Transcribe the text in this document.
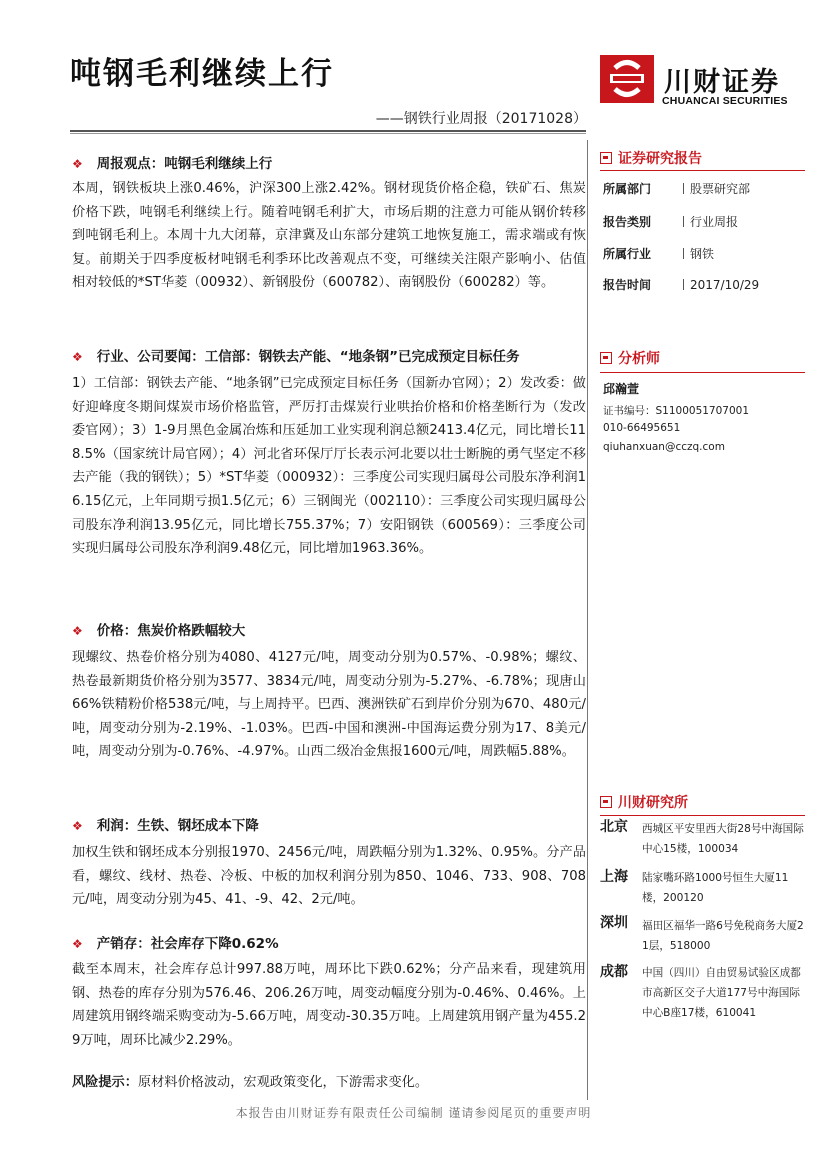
吨钢毛利继续上行
——钢铁行业周报（20171028）
川财证券
CHUANCAI SECURITIES
❖ 周报观点：吨钢毛利继续上行
本周，钢铁板块上涨0.46%，沪深300上涨2.42%。钢材现货价格企稳，铁矿石、焦炭价格下跌，吨钢毛利继续上行。随着吨钢毛利扩大，市场后期的注意力可能从钢价转移到吨钢毛利上。本周十九大闭幕，京津冀及山东部分建筑工地恢复施工，需求端或有恢复。前期关于四季度板材吨钢毛利季环比改善观点不变，可继续关注限产影响小、估值相对较低的*ST华菱（00932）、新钢股份（600782）、南钢股份（600282）等。
❖ 行业、公司要闻：工信部：钢铁去产能、“地条钢”已完成预定目标任务
1）工信部：钢铁去产能、“地条钢”已完成预定目标任务（国新办官网）；2）发改委：做好迎峰度冬期间煤炭市场价格监管，严厉打击煤炭行业哄抬价格和价格垄断行为（发改委官网）；3）1-9月黑色金属冶炼和压延加工业实现利润总额2413.4亿元，同比增长118.5%（国家统计局官网）；4）河北省环保厅厅长表示河北要以壮士断腕的勇气坚定不移去产能（我的钢铁）；5）*ST华菱（000932）：三季度公司实现归属母公司股东净利润16.15亿元，上年同期亏损1.5亿元；6）三钢闽光（002110）：三季度公司实现归属母公司股东净利润13.95亿元，同比增长755.37%；7）安阳钢铁（600569）：三季度公司实现归属母公司股东净利润9.48亿元，同比增加1963.36%。
❖ 价格：焦炭价格跌幅较大
现螺纹、热卷价格分别为4080、4127元/吨，周变动分别为0.57%、-0.98%；螺纹、热卷最新期货价格分别为3577、3834元/吨，周变动分别为-5.27%、-6.78%；现唐山66%铁精粉价格538元/吨，与上周持平。巴西、澳洲铁矿石到岸价分别为670、480元/吨，周变动分别为-2.19%、-1.03%。巴西-中国和澳洲-中国海运费分别为17、8美元/吨，周变动分别为-0.76%、-4.97%。山西二级冶金焦报1600元/吨，周跌幅5.88%。
❖ 利润：生铁、钢坯成本下降
加权生铁和钢坯成本分别报1970、2456元/吨，周跌幅分别为1.32%、0.95%。分产品看，螺纹、线材、热卷、冷板、中板的加权利润分别为850、1046、733、908、708元/吨，周变动分别为45、41、-9、42、2元/吨。
❖ 产销存：社会库存下降0.62%
截至本周末，社会库存总计997.88万吨，周环比下跌0.62%；分产品来看，现建筑用钢、热卷的库存分别为576.46、206.26万吨，周变动幅度分别为-0.46%、0.46%。上周建筑用钢终端采购变动为-5.66万吨，周变动-30.35万吨。上周建筑用钢产量为455.29万吨，周环比减少2.29%。
风险提示：原材料价格波动，宏观政策变化，下游需求变化。
本报告由川财证券有限责任公司编制 谨请参阅尾页的重要声明
证券研究报告
所属部门	股票研究部
报告类别	行业周报
所属行业	钢铁
报告时间	2017/10/29
分析师
邱瀚萱
证书编号：S1100051707001
010-66495651
qiuhanxuan@cczq.com
川财研究所
北京 西城区平安里西大街28号中海国际中心15楼，100034
上海 陆家嘴环路1000号恒生大厦11楼，200120
深圳 福田区福华一路6号免税商务大厦21层，518000
成都 中国（四川）自由贸易试验区成都市高新区交子大道177号中海国际中心B座17楼，610041
